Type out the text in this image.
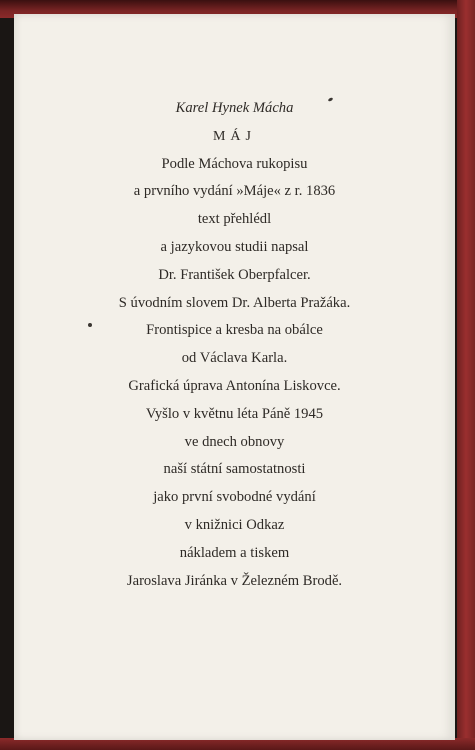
Karel Hynek Mácha
MÁJ
Podle Máchova rukopisu
a prvního vydání »Máje« z r. 1836
text přehlédl
a jazykovou studii napsal
Dr. František Oberpfalcer.
S úvodním slovem Dr. Alberta Pražáka.
Frontispice a kresba na obálce
od Václava Karla.
Grafická úprava Antonína Liskovce.
Vyšlo v květnu léta Páně 1945
ve dnech obnovy
naší státní samostatnosti
jako první svobodné vydání
v knižnici Odkaz
nákladem a tiskem
Jaroslava Jiránka v Železném Brodě.
